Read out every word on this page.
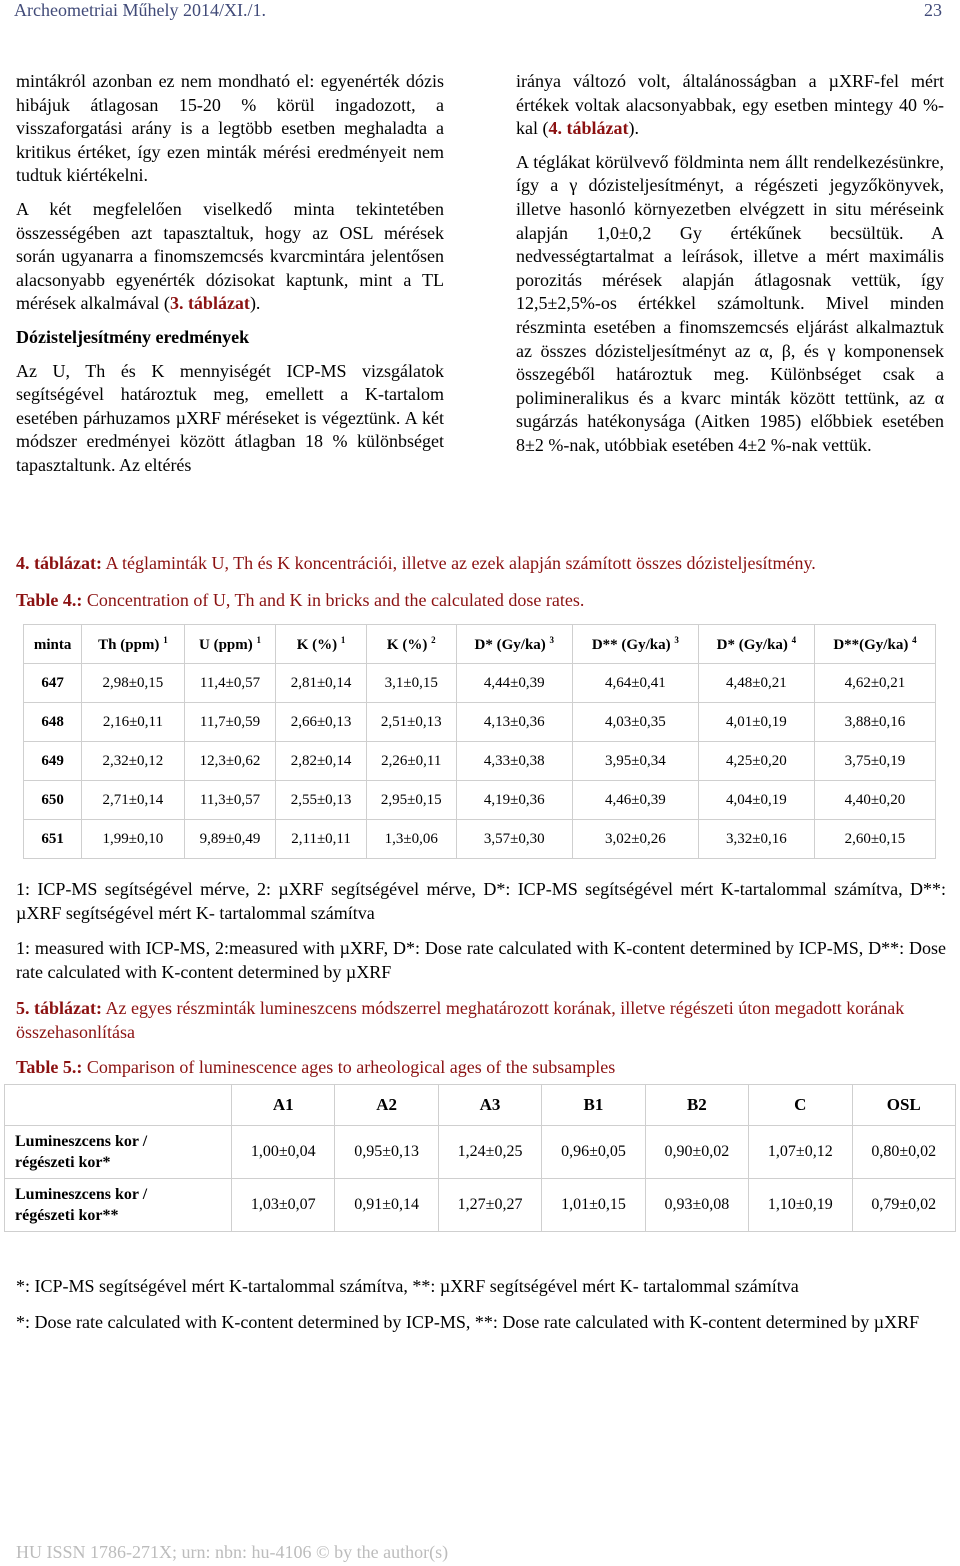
Archeometriai Műhely 2014/XI./1.	23

mintákról azonban ez nem mondható el: egyenérték dózis hibájuk átlagosan 15-20 % körül ingadozott, a visszaforgatási arány is a legtöbb esetben meghaladta a kritikus értéket, így ezen minták mérési eredményeit nem tudtuk kiértékelni.

A két megfelelően viselkedő minta tekintetében összességében azt tapasztaltuk, hogy az OSL mérések során ugyanarra a finomszemcsés kvarcmintára jelentősen alacsonyabb egyenérték dózisokat kaptunk, mint a TL mérések alkalmával (3. táblázat).

Dózisteljesítmény eredmények

Az U, Th és K mennyiségét ICP-MS vizsgálatok segítségével határoztuk meg, emellett a K-tartalom esetében párhuzamos µXRF méréseket is végeztünk. A két módszer eredményei között átlagban 18 % különbséget tapasztaltunk. Az eltérés

iránya változó volt, általánosságban a µXRF-fel mért értékek voltak alacsonyabbak, egy esetben mintegy 40 %-kal (4. táblázat).

A téglákat körülvevő földminta nem állt rendelkezésünkre, így a γ dózisteljesítményt, a régészeti jegyzőkönyvek, illetve hasonló környezetben elvégzett in situ méréseink alapján 1,0±0,2 Gy értékűnek becsültük. A nedvességtartalmat a leírások, illetve a mért maximális porozitás mérések alapján átlagosnak vettük, így 12,5±2,5%-os értékkel számoltunk. Mivel minden részminta esetében a finomszemcsés eljárást alkalmaztuk az összes dózisteljesítményt az α, β, és γ komponensek összegéből határoztuk meg. Különbséget csak a polimineralikus és a kvarc minták között tettünk, az α sugárzás hatékonysága (Aitken 1985) előbbiek esetében 8±2 %-nak, utóbbiak esetében 4±2 %-nak vettük.

4. táblázat: A téglaminták U, Th és K koncentrációi, illetve az ezek alapján számított összes dózisteljesítmény.
Table 4.: Concentration of U, Th and K in bricks and the calculated dose rates.
minta	Th (ppm) $^1$	U (ppm) $^1$	K (%) $^1$	K (%) $^2$	D* (Gy/ka) $^3$	D** (Gy/ka) $^3$	D* (Gy/ka) $^4$	D**(Gy/ka) $^4$
647	2,98±0,15	11,4±0,57	2,81±0,14	3,1±0,15	4,44±0,39	4,64±0,41	4,48±0,21	4,62±0,21
648	2,16±0,11	11,7±0,59	2,66±0,13	2,51±0,13	4,13±0,36	4,03±0,35	4,01±0,19	3,88±0,16
649	2,32±0,12	12,3±0,62	2,82±0,14	2,26±0,11	4,33±0,38	3,95±0,34	4,25±0,20	3,75±0,19
650	2,71±0,14	11,3±0,57	2,55±0,13	2,95±0,15	4,19±0,36	4,46±0,39	4,04±0,19	4,40±0,20
651	1,99±0,10	9,89±0,49	2,11±0,11	1,3±0,06	3,57±0,30	3,02±0,26	3,32±0,16	2,60±0,15
1: ICP-MS segítségével mérve, 2: µXRF segítségével mérve, D*: ICP-MS segítségével mért K-tartalommal számítva, D**: µXRF segítségével mért K- tartalommal számítva
1: measured with ICP-MS, 2:measured with µXRF, D*: Dose rate calculated with K-content determined by ICP-MS, D**: Dose rate calculated with K-content determined by µXRF
5. táblázat: Az egyes részminták lumineszcens módszerrel meghatározott korának, illetve régészeti úton megadott korának összehasonlítása
Table 5.: Comparison of luminescence ages to arheological ages of the subsamples
	A1	A2	A3	B1	B2	C	OSL
Lumineszcens kor /
régészeti kor*	1,00±0,04	0,95±0,13	1,24±0,25	0,96±0,05	0,90±0,02	1,07±0,12	0,80±0,02
Lumineszcens kor /
régészeti kor**	1,03±0,07	0,91±0,14	1,27±0,27	1,01±0,15	0,93±0,08	1,10±0,19	0,79±0,02
*: ICP-MS segítségével mért K-tartalommal számítva, **: µXRF segítségével mért K- tartalommal számítva
*: Dose rate calculated with K-content determined by ICP-MS, **: Dose rate calculated with K-content determined by µXRF
HU ISSN 1786-271X; urn: nbn: hu-4106 © by the author(s)
